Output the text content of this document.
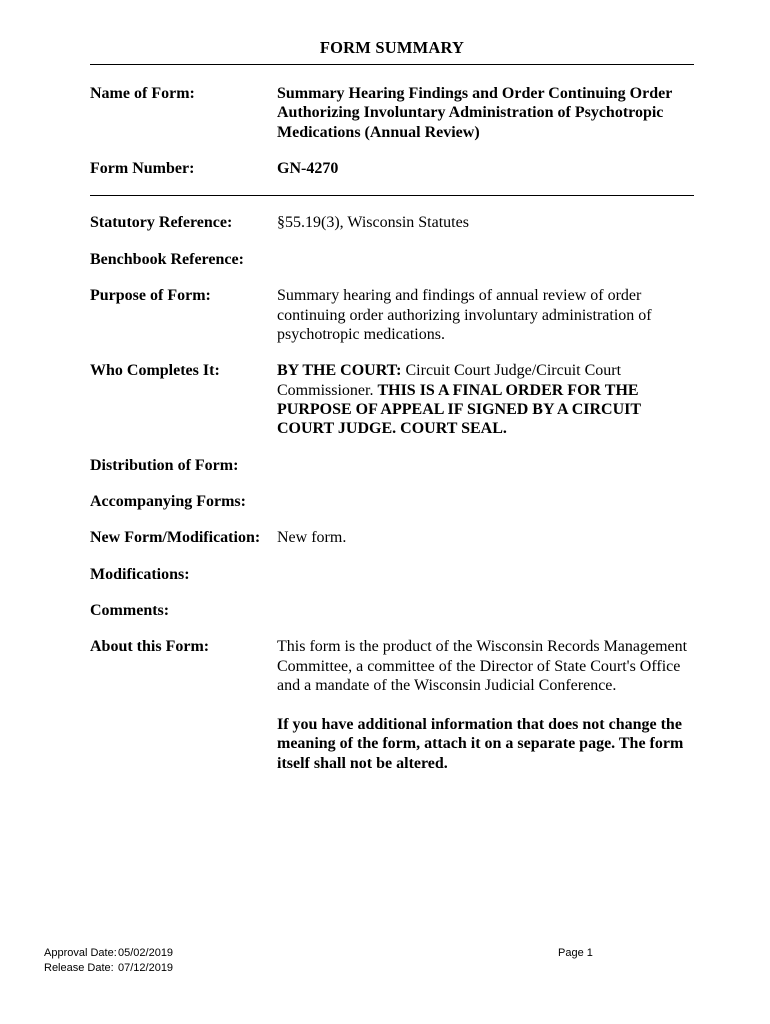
FORM SUMMARY
Name of Form:	Summary Hearing Findings and Order Continuing Order Authorizing Involuntary Administration of Psychotropic Medications (Annual Review)
Form Number:	GN-4270
Statutory Reference:	§55.19(3), Wisconsin Statutes
Benchbook Reference:
Purpose of Form:	Summary hearing and findings of annual review of order continuing order authorizing involuntary administration of psychotropic medications.
Who Completes It:	BY THE COURT: Circuit Court Judge/Circuit Court Commissioner. THIS IS A FINAL ORDER FOR THE PURPOSE OF APPEAL IF SIGNED BY A CIRCUIT COURT JUDGE. COURT SEAL.
Distribution of Form:
Accompanying Forms:
New Form/Modification:	New form.
Modifications:
Comments:
About this Form:	This form is the product of the Wisconsin Records Management Committee, a committee of the Director of State Court's Office and a mandate of the Wisconsin Judicial Conference.

If you have additional information that does not change the meaning of the form, attach it on a separate page. The form itself shall not be altered.
Approval Date: 05/02/2019
Release Date: 07/12/2019
Page 1
